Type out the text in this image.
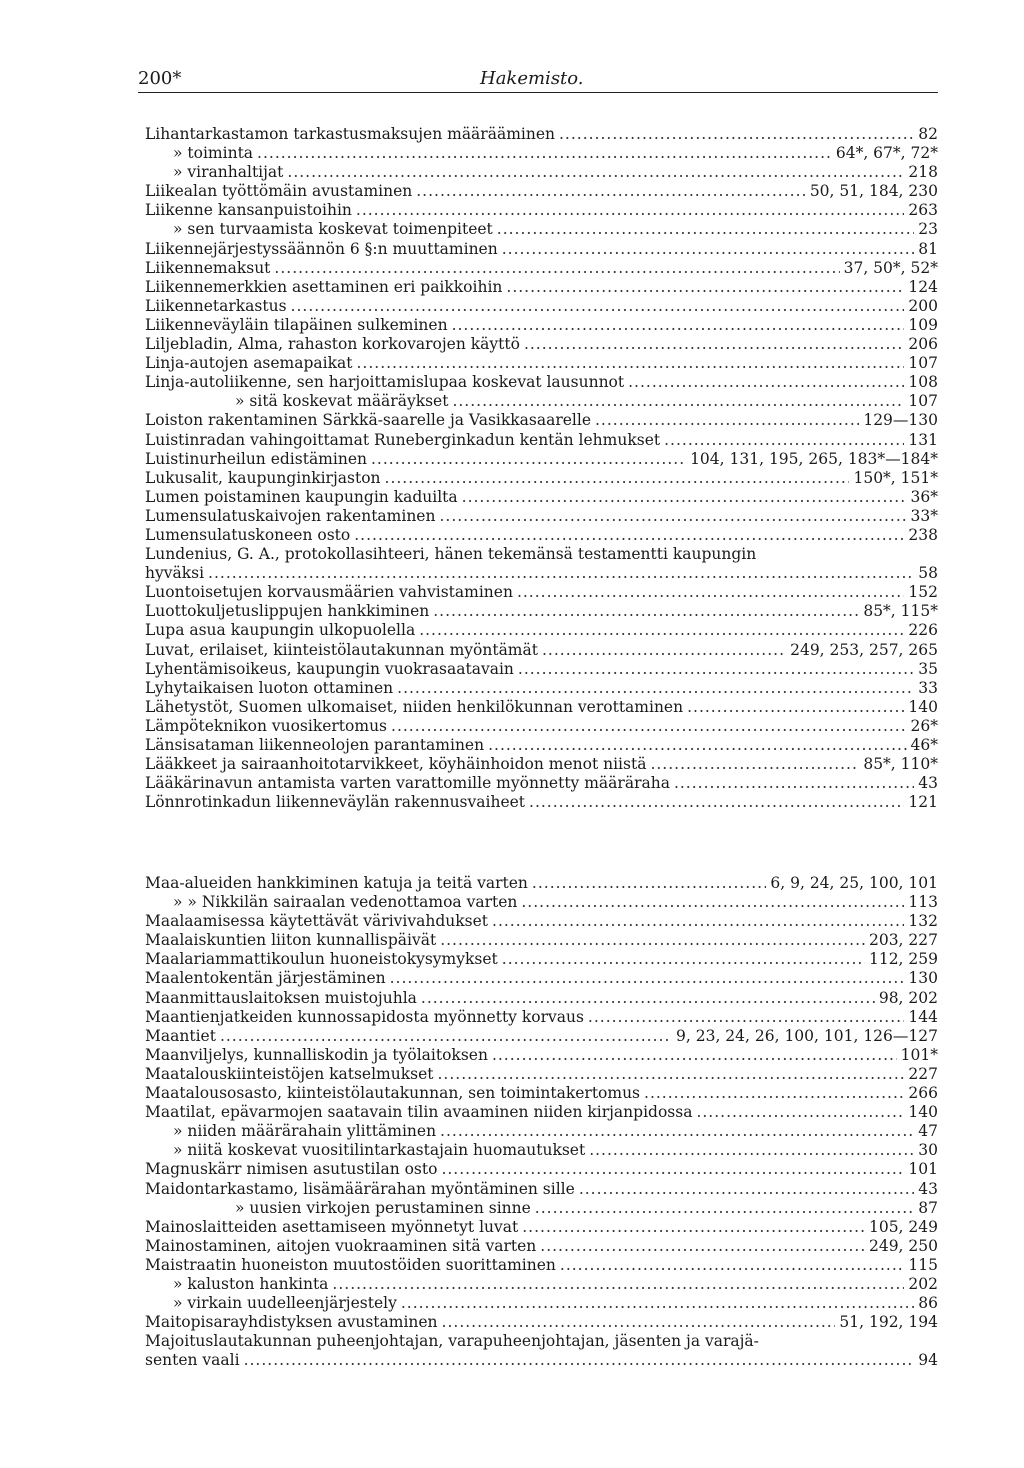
200*	Hakemisto.
Lihantarkastamon tarkastusmaksujen määrääminen .....	82
» toiminta .....	64*, 67*, 72*
» viranhaltijat .....	218
Liikealan työttömäin avustaminen .....	50, 51, 184, 230
Liikenne kansanpuistoihin .....	263
» sen turvaamista koskevat toimenpiteet .....	23
Liikennejärjestyssäännön 6 §:n muuttaminen .....	81
Liikennemaksut .....	37, 50*, 52*
Liikennemerkkien asettaminen eri paikkoihin .....	124
Liikennetarkastus .....	200
Liikenneväyläin tilapäinen sulkeminen .....	109
Liljebladin, Alma, rahaston korkovarojen käyttö .....	206
Linja-autojen asemapaikat .....	107
Linja-autoliikenne, sen harjoittamislupaa koskevat lausunnot .....	108
» sitä koskevat määräykset .....	107
Loiston rakentaminen Särkkä-saarelle ja Vasikkasaarelle .....	129—130
Luistinradan vahingoittamat Runeberginkadun kentän lehmukset .....	131
Luistinurheilun edistäminen .....	104, 131, 195, 265, 183*—184*
Lukusalit, kaupunginkirjaston .....	150*, 151*
Lumen poistaminen kaupungin kaduilta .....	36*
Lumensulatuskaivojen rakentaminen .....	33*
Lumensulatuskoneen osto .....	238
Lundenius, G. A., protokollasihteeri, hänen tekemänsä testamentti kaupungin
hyväksi .....	58
Luontoisetujen korvausmäärien vahvistaminen .....	152
Luottokuljetuslippujen hankkiminen .....	85*, 115*
Lupa asua kaupungin ulkopuolella .....	226
Luvat, erilaiset, kiinteistölautakunnan myöntämät .....	249, 253, 257, 265
Lyhentämisoikeus, kaupungin vuokrasaatavain .....	35
Lyhytaikaisen luoton ottaminen .....	33
Lähetystöt, Suomen ulkomaiset, niiden henkilökunnan verottaminen .....	140
Lämpöteknikon vuosikertomus .....	26*
Länsisataman liikenneolojen parantaminen .....	46*
Lääkkeet ja sairaanhoitotarvikkeet, köyhäinhoidon menot niistä .....	85*, 110*
Lääkärinavun antamista varten varattomille myönnetty määräraha .....	43
Lönnrotinkadun liikenneväylän rakennusvaiheet .....	121
Maa-alueiden hankkiminen katuja ja teitä varten .....	6, 9, 24, 25, 100, 101
» » Nikkilän sairaalan vedenottamoa varten .....	113
Maalaamisessa käytettävät värivivahdukset .....	132
Maalaiskuntien liiton kunnallispäivät .....	203, 227
Maalariammattikoulun huoneistokysymykset .....	112, 259
Maalentokentän järjestäminen .....	130
Maanmittauslaitoksen muistojuhla .....	98, 202
Maantienjatkeiden kunnossapidosta myönnetty korvaus .....	144
Maantiet .....	9, 23, 24, 26, 100, 101, 126—127
Maanviljelys, kunnalliskodin ja työlaitoksen .....	101*
Maatalouskiinteistöjen katselmukset .....	227
Maatalousosasto, kiinteistölautakunnan, sen toimintakertomus .....	266
Maatilat, epävarmojen saatavain tilin avaaminen niiden kirjanpidossa .....	140
» niiden määrärahain ylittäminen .....	47
» niitä koskevat vuositilintarkastajain huomautukset .....	30
Magnuskärr nimisen asutustilan osto .....	101
Maidontarkastamo, lisämäärärahan myöntäminen sille .....	43
» uusien virkojen perustaminen sinne .....	87
Mainoslaitteiden asettamiseen myönnetyt luvat .....	105, 249
Mainostaminen, aitojen vuokraaminen sitä varten .....	249, 250
Maistraatin huoneiston muutostöiden suorittaminen .....	115
» kaluston hankinta .....	202
» virkain uudelleenjärjestely .....	86
Maitopisarayhdistyksen avustaminen .....	51, 192, 194
Majoituslautakunnan puheenjohtajan, varapuheenjohtajan, jäsenten ja varajä-
senten vaali .....	94
